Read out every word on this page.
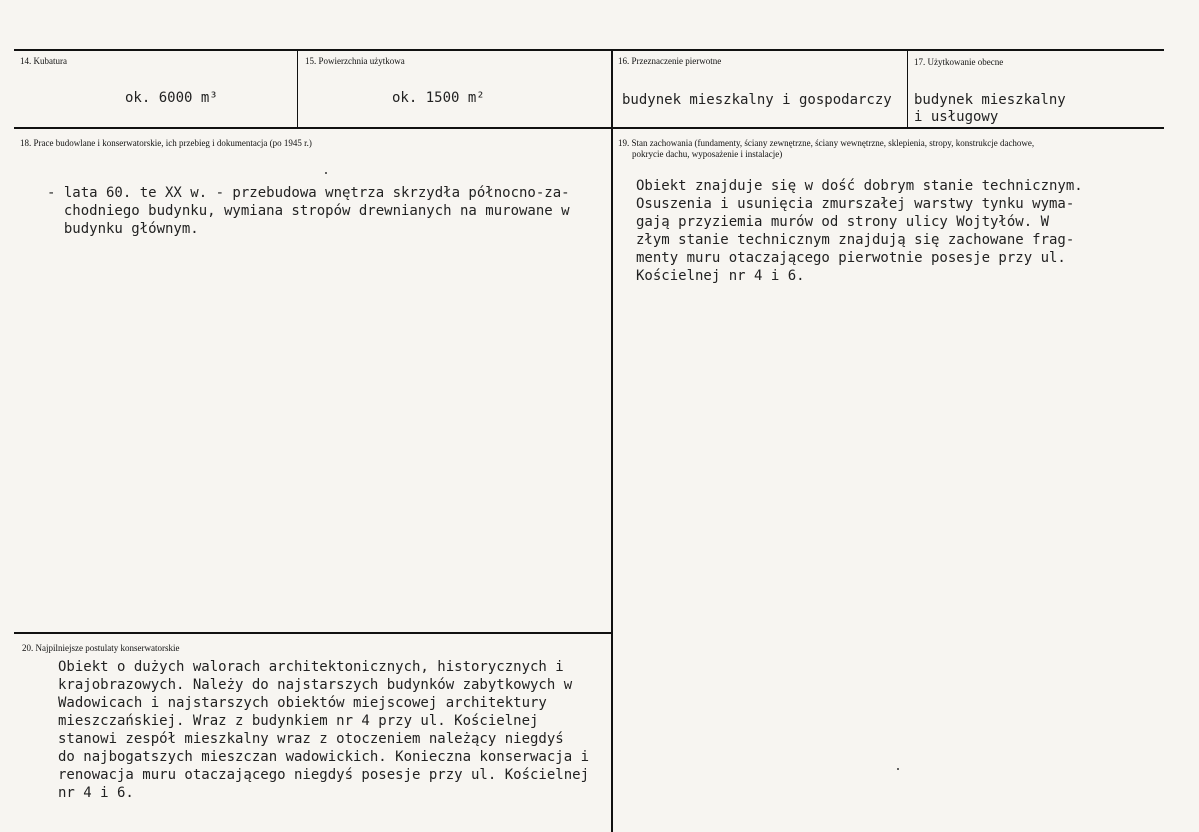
14. Kubatura
ok. 6000 m³
15. Powierzchnia użytkowa
ok. 1500 m²
16. Przeznaczenie pierwotne
budynek mieszkalny i gospodarczy
17. Użytkowanie obecne
budynek mieszkalny
i usługowy
18. Prace budowlane i konserwatorskie, ich przebieg i dokumentacja (po 1945 r.)
- lata 60. te XX w. - przebudowa wnętrza skrzydła północno-za-
chodniego budynku, wymiana stropów drewnianych na murowane w
budynku głównym.
19. Stan zachowania (fundamenty, ściany zewnętrzne, ściany wewnętrzne, sklepienia, stropy, konstrukcje dachowe,
pokrycie dachu, wyposażenie i instalacje)
Obiekt znajduje się w dość dobrym stanie technicznym.
Osuszenia i usunięcia zmurszałej warstwy tynku wyma-
gają przyziemia murów od strony ulicy Wojtyłów. W
złym stanie technicznym znajdują się zachowane frag-
menty muru otaczającego pierwotnie posesje przy ul.
Kościelnej nr 4 i 6.
20. Najpilniejsze postulaty konserwatorskie
Obiekt o dużych walorach architektonicznych, historycznych i
krajobrazowych. Należy do najstarszych budynków zabytkowych w
Wadowicach i najstarszych obiektów miejscowej architektury
mieszczańskiej. Wraz z budynkiem nr 4 przy ul. Kościelnej
stanowi zespół mieszkalny wraz z otoczeniem należący niegdyś
do najbogatszych mieszczan wadowickich. Konieczna konserwacja i
renowacja muru otaczającego niegdyś posesje przy ul. Kościelnej
nr 4 i 6.
